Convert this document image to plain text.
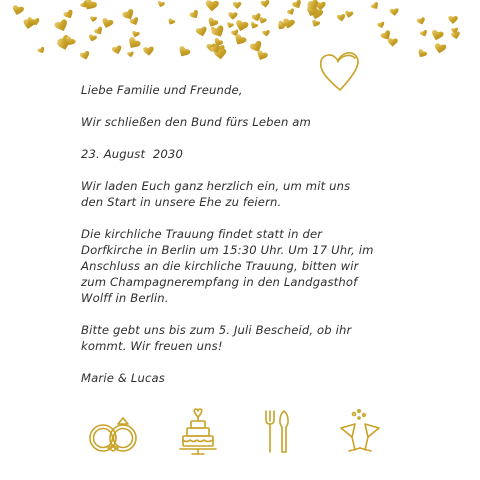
Liebe Familie und Freunde,

Wir schließen den Bund fürs Leben am

23. August  2030

Wir laden Euch ganz herzlich ein, um mit uns
den Start in unsere Ehe zu feiern.

Die kirchliche Trauung findet statt in der
Dorfkirche in Berlin um 15:30 Uhr. Um 17 Uhr, im
Anschluss an die kirchliche Trauung, bitten wir
zum Champagnerempfang in den Landgasthof
Wolff in Berlin.

Bitte gebt uns bis zum 5. Juli Bescheid, ob ihr
kommt. Wir freuen uns!

Marie & Lucas
